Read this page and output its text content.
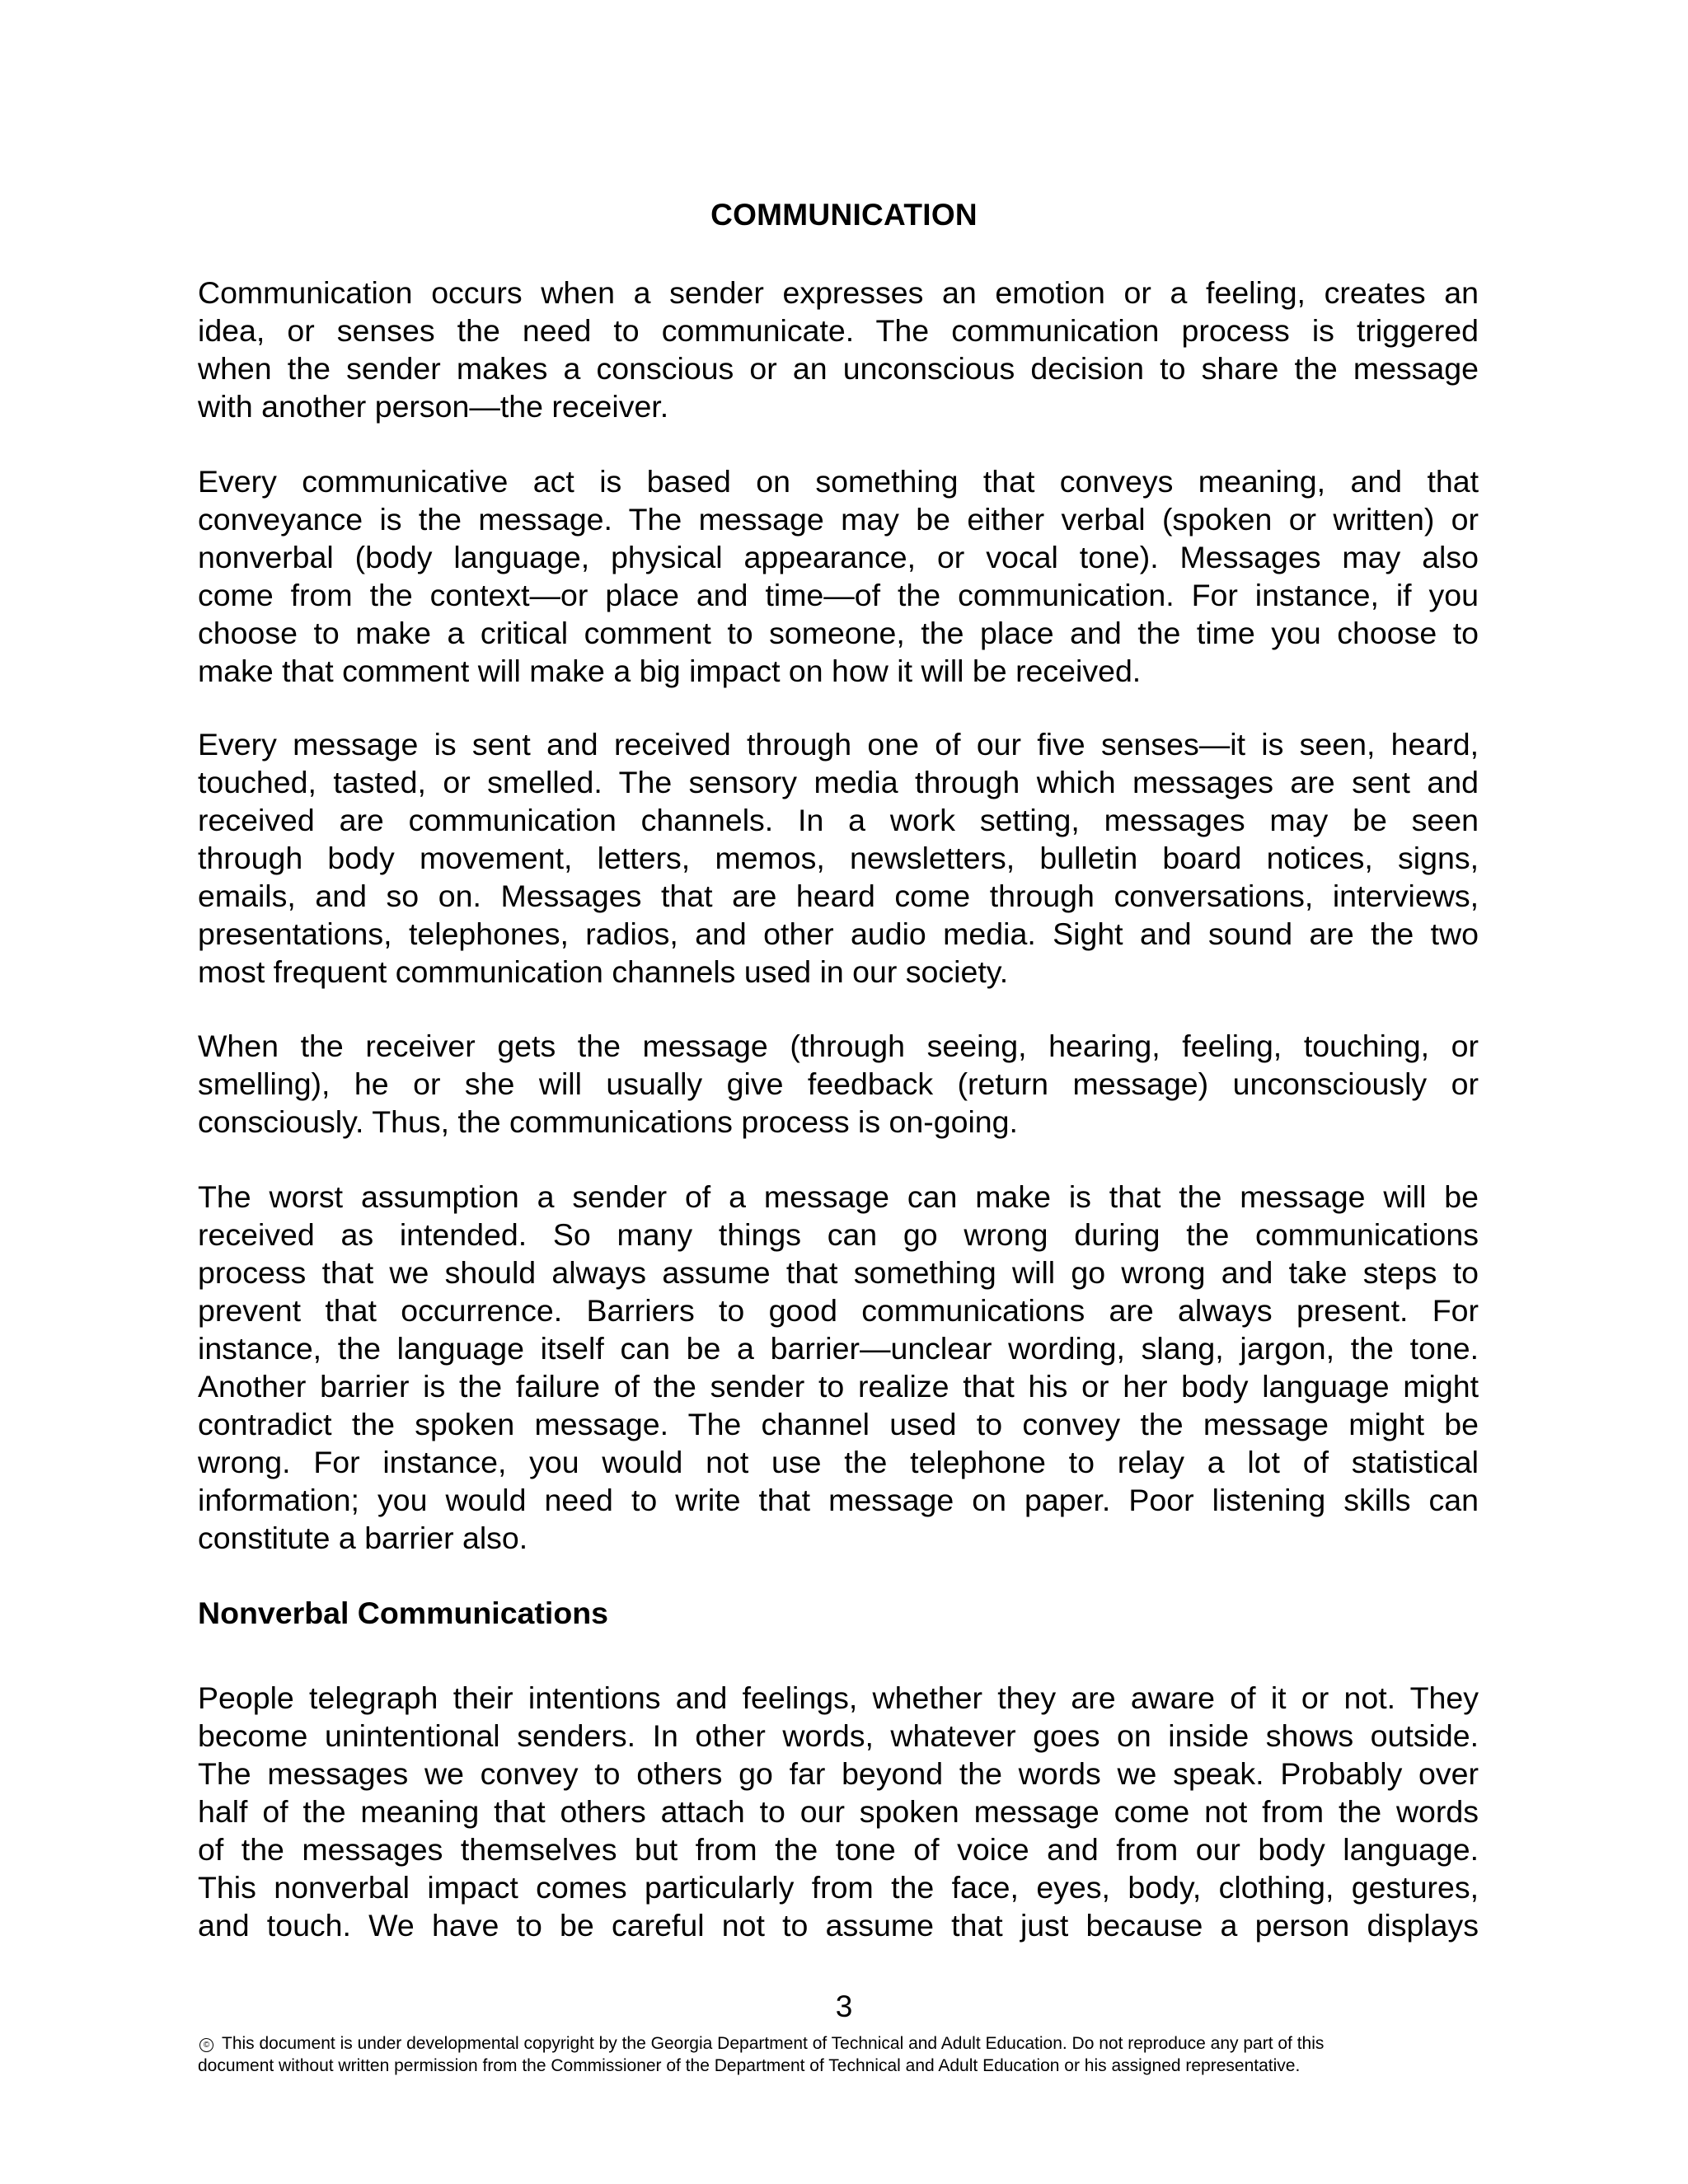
COMMUNICATION
Communication occurs when a sender expresses an emotion or a feeling, creates an
idea, or senses the need to communicate. The communication process is triggered
when the sender makes a conscious or an unconscious decision to share the message
with another person—the receiver.
Every communicative act is based on something that conveys meaning, and that
conveyance is the message. The message may be either verbal (spoken or written) or
nonverbal (body language, physical appearance, or vocal tone). Messages may also
come from the context—or place and time—of the communication. For instance, if you
choose to make a critical comment to someone, the place and the time you choose to
make that comment will make a big impact on how it will be received.
Every message is sent and received through one of our five senses—it is seen, heard,
touched, tasted, or smelled. The sensory media through which messages are sent and
received are communication channels. In a work setting, messages may be seen
through body movement, letters, memos, newsletters, bulletin board notices, signs,
emails, and so on. Messages that are heard come through conversations, interviews,
presentations, telephones, radios, and other audio media. Sight and sound are the two
most frequent communication channels used in our society.
When the receiver gets the message (through seeing, hearing, feeling, touching, or
smelling), he or she will usually give feedback (return message) unconsciously or
consciously. Thus, the communications process is on-going.
The worst assumption a sender of a message can make is that the message will be
received as intended. So many things can go wrong during the communications
process that we should always assume that something will go wrong and take steps to
prevent that occurrence. Barriers to good communications are always present. For
instance, the language itself can be a barrier—unclear wording, slang, jargon, the tone.
Another barrier is the failure of the sender to realize that his or her body language might
contradict the spoken message. The channel used to convey the message might be
wrong. For instance, you would not use the telephone to relay a lot of statistical
information; you would need to write that message on paper. Poor listening skills can
constitute a barrier also.
Nonverbal Communications
People telegraph their intentions and feelings, whether they are aware of it or not. They
become unintentional senders. In other words, whatever goes on inside shows outside.
The messages we convey to others go far beyond the words we speak. Probably over
half of the meaning that others attach to our spoken message come not from the words
of the messages themselves but from the tone of voice and from our body language.
This nonverbal impact comes particularly from the face, eyes, body, clothing, gestures,
and touch. We have to be careful not to assume that just because a person displays
3
© This document is under developmental copyright by the Georgia Department of Technical and Adult Education. Do not reproduce any part of this
document without written permission from the Commissioner of the Department of Technical and Adult Education or his assigned representative.
